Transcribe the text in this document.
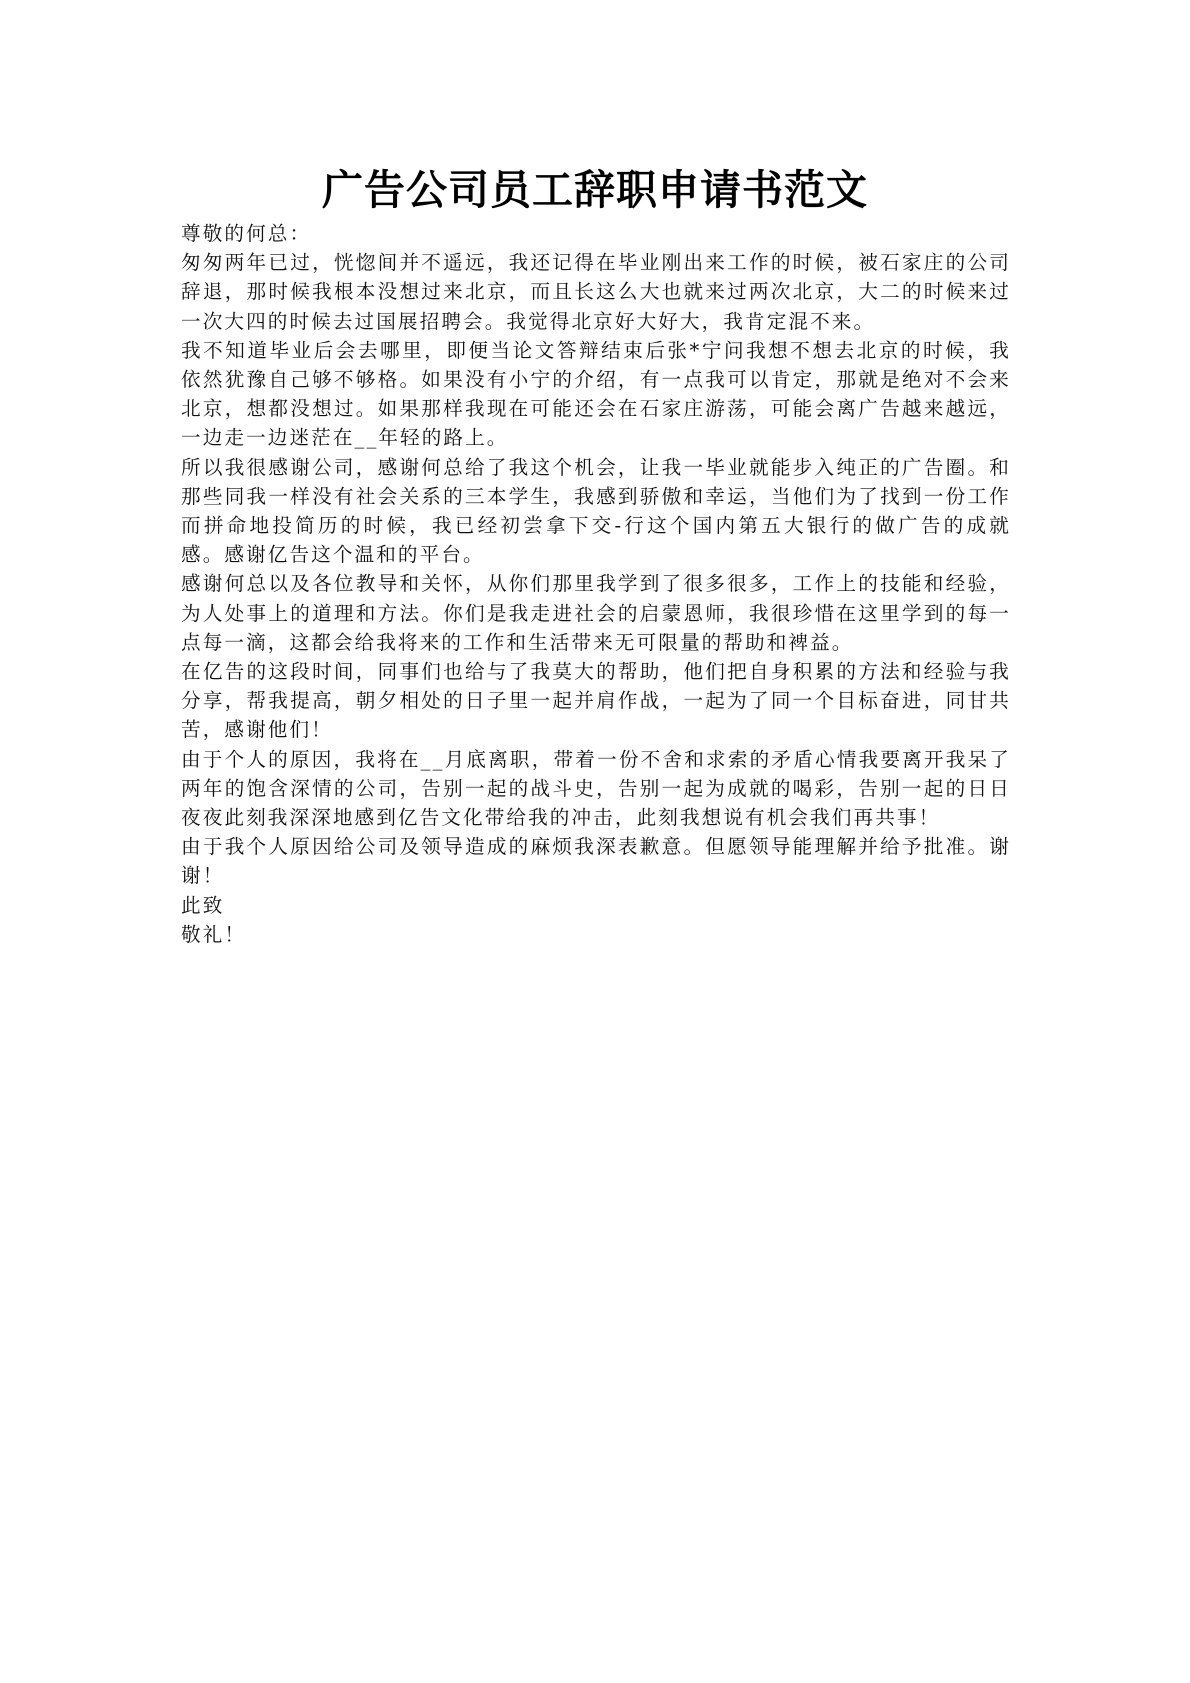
广告公司员工辞职申请书范文

尊敬的何总：

匆匆两年已过，恍惚间并不遥远，我还记得在毕业刚出来工作的时候，被石家庄的公司辞退，那时候我根本没想过来北京，而且长这么大也就来过两次北京，大二的时候来过一次大四的时候去过国展招聘会。我觉得北京好大好大，我肯定混不来。

我不知道毕业后会去哪里，即便当论文答辩结束后张*宁问我想不想去北京的时候，我依然犹豫自己够不够格。如果没有小宁的介绍，有一点我可以肯定，那就是绝对不会来北京，想都没想过。如果那样我现在可能还会在石家庄游荡，可能会离广告越来越远，一边走一边迷茫在__年轻的路上。

所以我很感谢公司，感谢何总给了我这个机会，让我一毕业就能步入纯正的广告圈。和那些同我一样没有社会关系的三本学生，我感到骄傲和幸运，当他们为了找到一份工作而拼命地投简历的时候，我已经初尝拿下交-行这个国内第五大银行的做广告的成就感。感谢亿告这个温和的平台。

感谢何总以及各位教导和关怀，从你们那里我学到了很多很多，工作上的技能和经验，为人处事上的道理和方法。你们是我走进社会的启蒙恩师，我很珍惜在这里学到的每一点每一滴，这都会给我将来的工作和生活带来无可限量的帮助和裨益。

在亿告的这段时间，同事们也给与了我莫大的帮助，他们把自身积累的方法和经验与我分享，帮我提高，朝夕相处的日子里一起并肩作战，一起为了同一个目标奋进，同甘共苦，感谢他们！

由于个人的原因，我将在__月底离职，带着一份不舍和求索的矛盾心情我要离开我呆了两年的饱含深情的公司，告别一起的战斗史，告别一起为成就的喝彩，告别一起的日日夜夜此刻我深深地感到亿告文化带给我的冲击，此刻我想说有机会我们再共事！

由于我个人原因给公司及领导造成的麻烦我深表歉意。但愿领导能理解并给予批准。谢谢！

此致

敬礼！
